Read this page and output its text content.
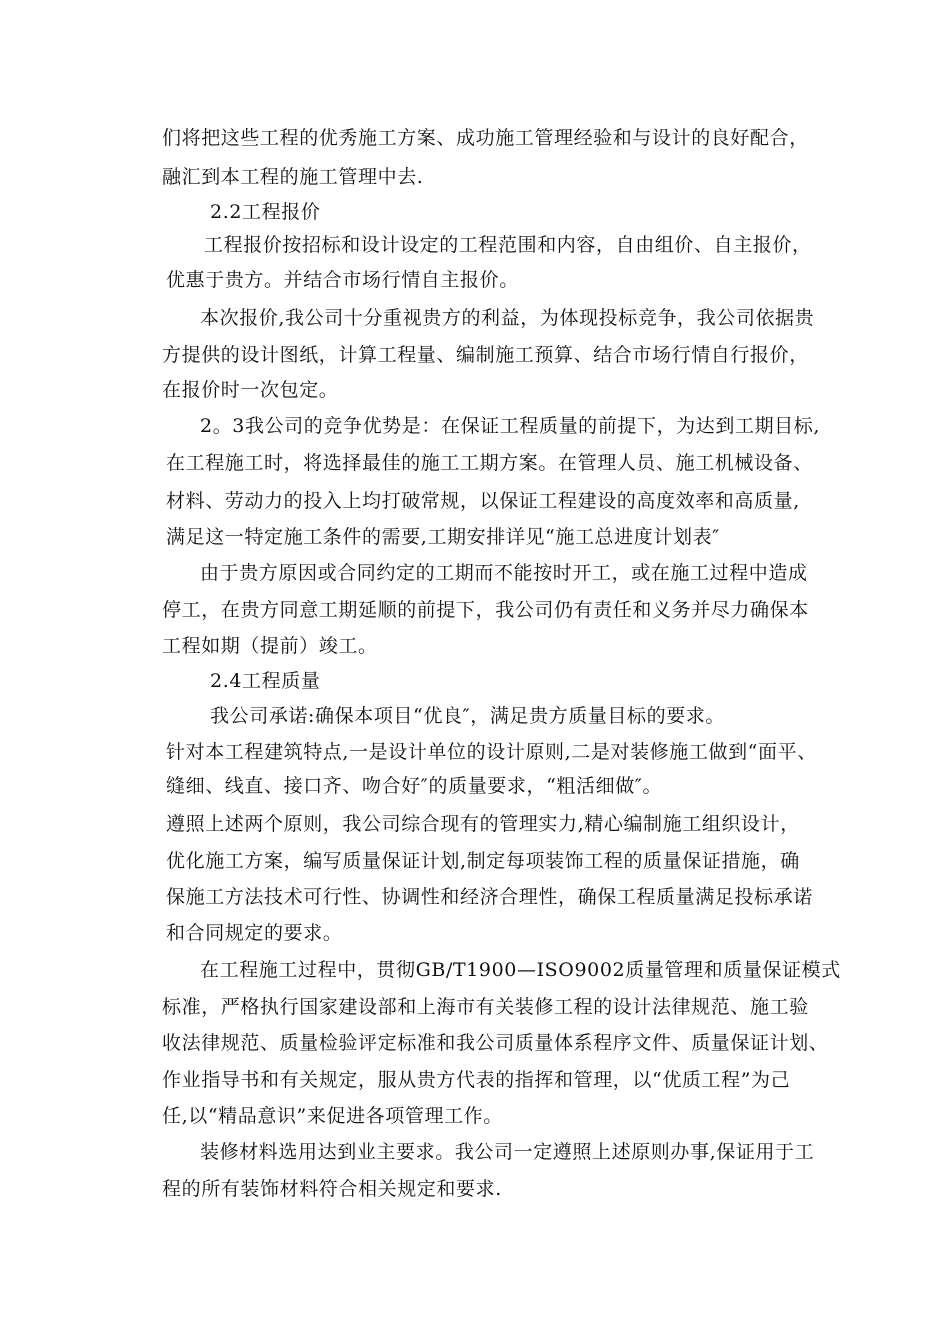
们将把这些工程的优秀施工方案、成功施工管理经验和与设计的良好配合，
融汇到本工程的施工管理中去.
2.2工程报价
工程报价按招标和设计设定的工程范围和内容，自由组价、自主报价，
优惠于贵方。并结合市场行情自主报价。
本次报价,我公司十分重视贵方的利益，为体现投标竞争，我公司依据贵
方提供的设计图纸，计算工程量、编制施工预算、结合市场行情自行报价，
在报价时一次包定。
2。3我公司的竞争优势是：在保证工程质量的前提下，为达到工期目标,
在工程施工时，将选择最佳的施工工期方案。在管理人员、施工机械设备、
材料、劳动力的投入上均打破常规，以保证工程建设的高度效率和高质量,
满足这一特定施工条件的需要,工期安排详见“施工总进度计划表″
由于贵方原因或合同约定的工期而不能按时开工，或在施工过程中造成
停工，在贵方同意工期延顺的前提下，我公司仍有责任和义务并尽力确保本
工程如期（提前）竣工。
2.4工程质量
我公司承诺:确保本项目“优良″，满足贵方质量目标的要求。
针对本工程建筑特点,一是设计单位的设计原则,二是对装修施工做到“面平、
缝细、线直、接口齐、吻合好″的质量要求，“粗活细做″。
遵照上述两个原则，我公司综合现有的管理实力,精心编制施工组织设计，
优化施工方案，编写质量保证计划,制定每项装饰工程的质量保证措施，确
保施工方法技术可行性、协调性和经济合理性，确保工程质量满足投标承诺
和合同规定的要求。
在工程施工过程中，贯彻GB/T1900—ISO9002质量管理和质量保证模式
标准，严格执行国家建设部和上海市有关装修工程的设计法律规范、施工验
收法律规范、质量检验评定标准和我公司质量体系程序文件、质量保证计划、
作业指导书和有关规定，服从贵方代表的指挥和管理，以“优质工程”为己
任,以“精品意识”来促进各项管理工作。
装修材料选用达到业主要求。我公司一定遵照上述原则办事,保证用于工
程的所有装饰材料符合相关规定和要求.
